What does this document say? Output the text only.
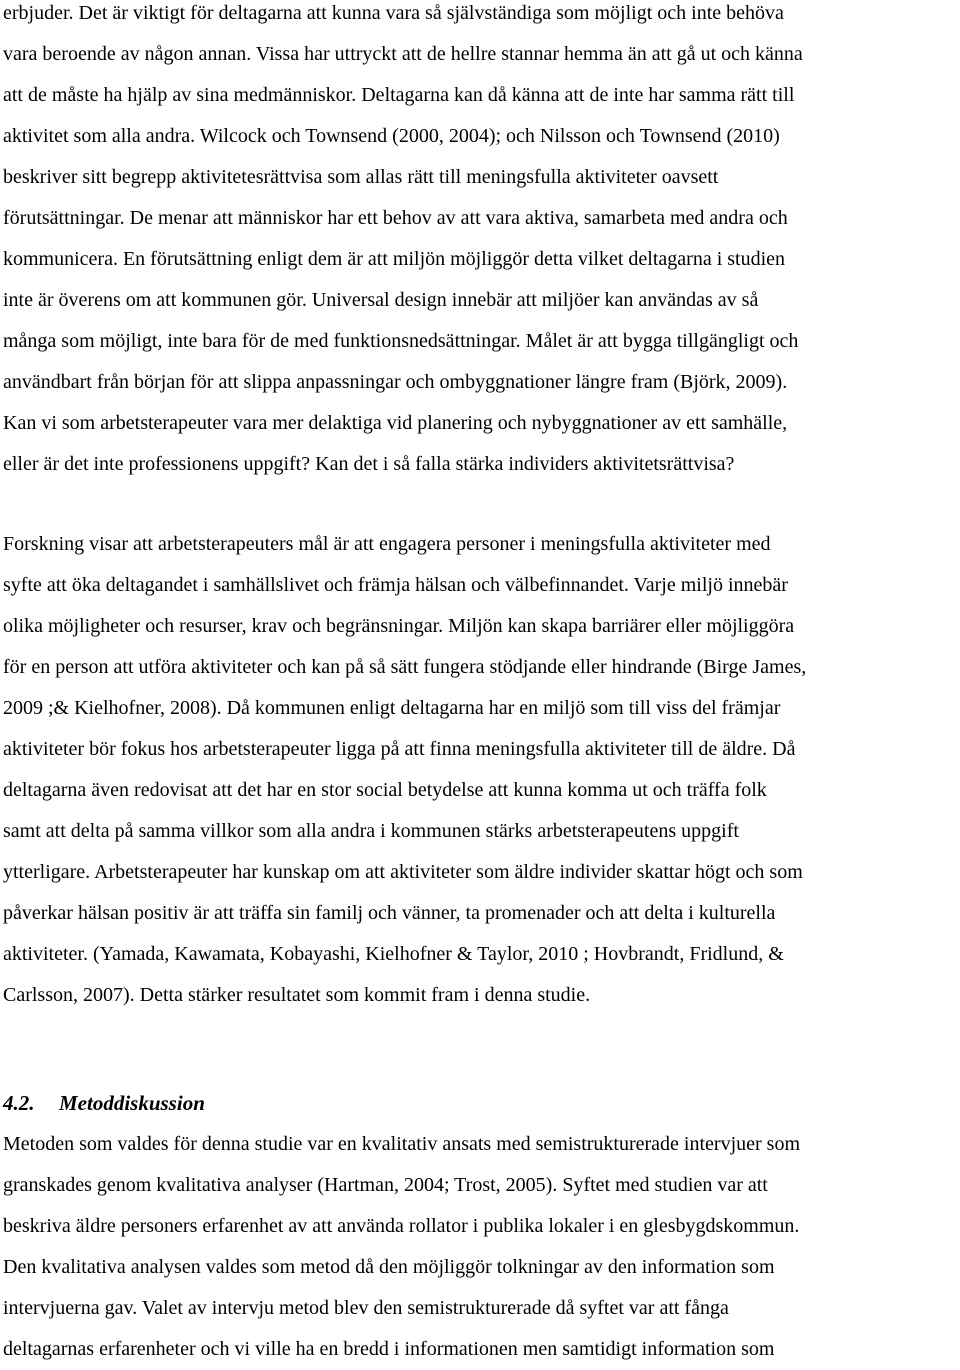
erbjuder. Det är viktigt för deltagarna att kunna vara så självständiga som möjligt och inte behöva
vara beroende av någon annan. Vissa har uttryckt att de hellre stannar hemma än att gå ut och känna
att de måste ha hjälp av sina medmänniskor. Deltagarna kan då känna att de inte har samma rätt till
aktivitet som alla andra. Wilcock och Townsend (2000, 2004); och Nilsson och Townsend (2010)
beskriver sitt begrepp aktivitetesrättvisa som allas rätt till meningsfulla aktiviteter oavsett
förutsättningar. De menar att människor har ett behov av att vara aktiva, samarbeta med andra och
kommunicera. En förutsättning enligt dem är att miljön möjliggör detta vilket deltagarna i studien
inte är överens om att kommunen gör. Universal design innebär att miljöer kan användas av så
många som möjligt, inte bara för de med funktionsnedsättningar. Målet är att bygga tillgängligt och
användbart från början för att slippa anpassningar och ombyggnationer längre fram (Björk, 2009).
Kan vi som arbetsterapeuter vara mer delaktiga vid planering och nybyggnationer av ett samhälle,
eller är det inte professionens uppgift? Kan det i så falla stärka individers aktivitetsrättvisa?
Forskning visar att arbetsterapeuters mål är att engagera personer i meningsfulla aktiviteter med
syfte att öka deltagandet i samhällslivet och främja hälsan och välbefinnandet. Varje miljö innebär
olika möjligheter och resurser, krav och begränsningar. Miljön kan skapa barriärer eller möjliggöra
för en person att utföra aktiviteter och kan på så sätt fungera stödjande eller hindrande (Birge James,
2009 ;& Kielhofner, 2008). Då kommunen enligt deltagarna har en miljö som till viss del främjar
aktiviteter bör fokus hos arbetsterapeuter ligga på att finna meningsfulla aktiviteter till de äldre. Då
deltagarna även redovisat att det har en stor social betydelse att kunna komma ut och träffa folk
samt att delta på samma villkor som alla andra i kommunen stärks arbetsterapeutens uppgift
ytterligare. Arbetsterapeuter har kunskap om att aktiviteter som äldre individer skattar högt och som
påverkar hälsan positiv är att träffa sin familj och vänner, ta promenader och att delta i kulturella
aktiviteter. (Yamada, Kawamata, Kobayashi, Kielhofner & Taylor, 2010 ; Hovbrandt, Fridlund, &
Carlsson, 2007). Detta stärker resultatet som kommit fram i denna studie.
4.2. Metoddiskussion
Metoden som valdes för denna studie var en kvalitativ ansats med semistrukturerade intervjuer som
granskades genom kvalitativa analyser (Hartman, 2004; Trost, 2005). Syftet med studien var att
beskriva äldre personers erfarenhet av att använda rollator i publika lokaler i en glesbygdskommun.
Den kvalitativa analysen valdes som metod då den möjliggör tolkningar av den information som
intervjuerna gav. Valet av intervju metod blev den semistrukturerade då syftet var att fånga
deltagarnas erfarenheter och vi ville ha en bredd i informationen men samtidigt information som
